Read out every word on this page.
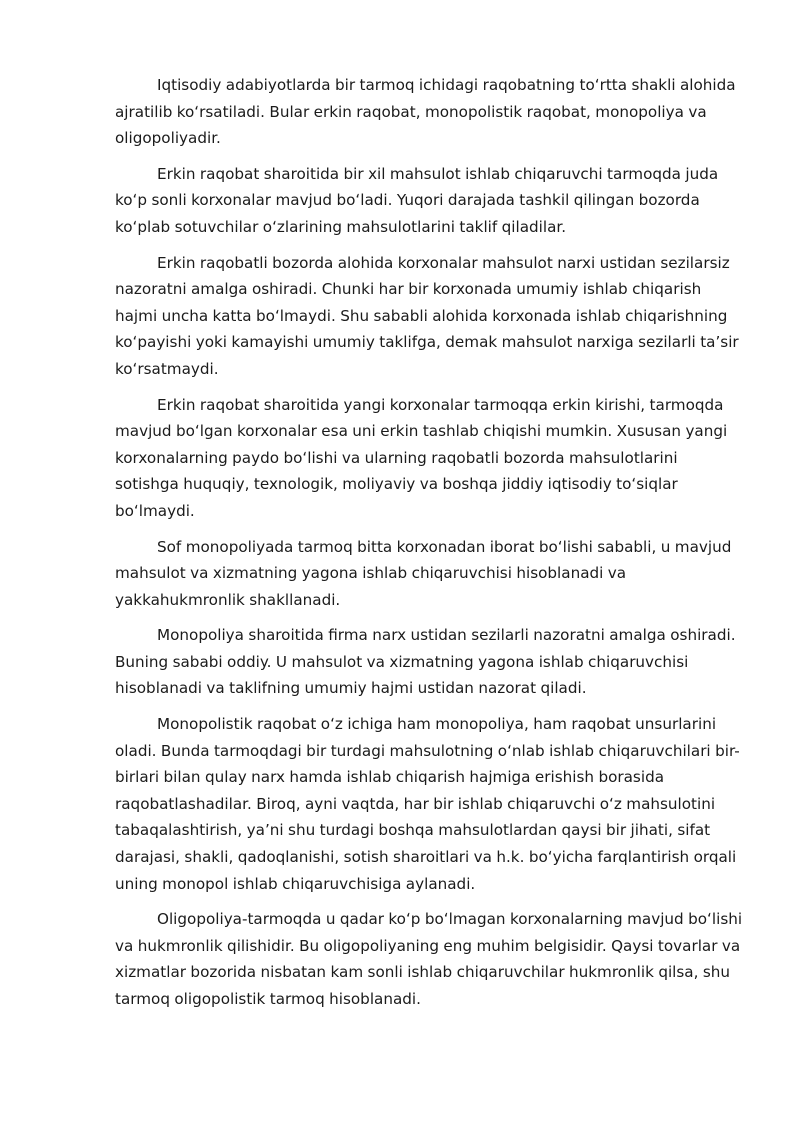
Iqtisodiy adabiyotlarda bir tarmoq ichidagi raqobatning toʻrtta shakli alohida ajratilib koʻrsatiladi. Bular erkin raqobat, monopolistik raqobat, monopoliya va oligopoliyadir.

Erkin raqobat sharoitida bir xil mahsulot ishlab chiqaruvchi tarmoqda juda koʻp sonli korxonalar mavjud boʻladi. Yuqori darajada tashkil qilingan bozorda koʻplab sotuvchilar oʻzlarining mahsulotlarini taklif qiladilar.

Erkin raqobatli bozorda alohida korxonalar mahsulot narxi ustidan sezilarsiz nazoratni amalga oshiradi. Chunki har bir korxonada umumiy ishlab chiqarish hajmi uncha katta boʻlmaydi. Shu sababli alohida korxonada ishlab chiqarishning koʻpayishi yoki kamayishi umumiy taklifga, demak mahsulot narxiga sezilarli taʼsir koʻrsatmaydi.

Erkin raqobat sharoitida yangi korxonalar tarmoqqa erkin kirishi, tarmoqda mavjud boʻlgan korxonalar esa uni erkin tashlab chiqishi mumkin. Xususan yangi korxonalarning paydo boʻlishi va ularning raqobatli bozorda mahsulotlarini sotishga huquqiy, texnologik, moliyaviy va boshqa jiddiy iqtisodiy toʻsiqlar boʻlmaydi.

Sof monopoliyada tarmoq bitta korxonadan iborat boʻlishi sababli, u mavjud mahsulot va xizmatning yagona ishlab chiqaruvchisi hisoblanadi va yakkahukmronlik shakllanadi.

Monopoliya sharoitida firma narx ustidan sezilarli nazoratni amalga oshiradi. Buning sababi oddiy. U mahsulot va xizmatning yagona ishlab chiqaruvchisi hisoblanadi va taklifning umumiy hajmi ustidan nazorat qiladi.

Monopolistik raqobat oʻz ichiga ham monopoliya, ham raqobat unsurlarini oladi. Bunda tarmoqdagi bir turdagi mahsulotning oʻnlab ishlab chiqaruvchilari bir-birlari bilan qulay narx hamda ishlab chiqarish hajmiga erishish borasida raqobatlashadilar. Biroq, ayni vaqtda, har bir ishlab chiqaruvchi oʻz mahsulotini tabaqalashtirish, yaʼni shu turdagi boshqa mahsulotlardan qaysi bir jihati, sifat darajasi, shakli, qadoqlanishi, sotish sharoitlari va h.k. boʻyicha farqlantirish orqali uning monopol ishlab chiqaruvchisiga aylanadi.

Oligopoliya-tarmoqda u qadar koʻp boʻlmagan korxonalarning mavjud boʻlishi va hukmronlik qilishidir. Bu oligopoliyaning eng muhim belgisidir. Qaysi tovarlar va xizmatlar bozorida nisbatan kam sonli ishlab chiqaruvchilar hukmronlik qilsa, shu tarmoq oligopolistik tarmoq hisoblanadi.
